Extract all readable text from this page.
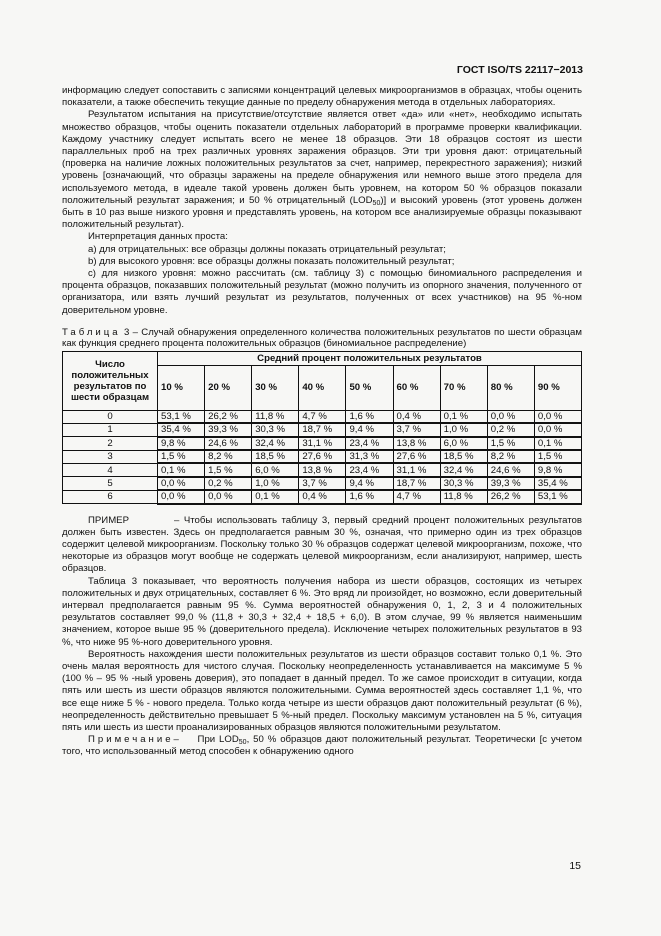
ГОСТ ISO/TS 22117−2013

информацию следует сопоставить с записями концентраций целевых микроорганизмов в образцах, чтобы оценить показатели, а также обеспечить текущие данные по пределу обнаружения метода в отдельных лабораториях.

Результатом испытания на присутствие/отсутствие является ответ «да» или «нет», необходимо испытать множество образцов, чтобы оценить показатели отдельных лабораторий в программе проверки квалификации. Каждому участнику следует испытать всего не менее 18 образцов. Эти 18 образцов состоят из шести параллельных проб на трех различных уровнях заражения образцов. Эти три уровня дают: отрицательный (проверка на наличие ложных положительных результатов за счет, например, перекрестного заражения); низкий уровень [означающий, что образцы заражены на пределе обнаружения или немного выше этого предела для используемого метода, в идеале такой уровень должен быть уровнем, на котором 50 % образцов показали положительный результат заражения; и 50 % отрицательный $(LOD_{50})$] и высокий уровень (этот уровень должен быть в 10 раз выше низкого уровня и представлять уровень, на котором все анализируемые образцы показывают положительный результат).

Интерпретация данных проста:

а) для отрицательных: все образцы должны показать отрицательный результат;

b) для высокого уровня: все образцы должны показать положительный результат;

с) для низкого уровня: можно рассчитать (см. таблицу 3) с помощью биномиального распределения и процента образцов, показавших положительный результат (можно получить из опорного значения, полученного от организатора, или взять лучший результат из результатов, полученных от всех участников) на 95 %-ном доверительном уровне.

Таблица 3 – Случай обнаружения определенного количества положительных результатов по шести образцам как функция среднего процента положительных образцов (биномиальное распределение)

Число положительных результатов по шести образцам	Средний процент положительных результатов								
	10 %	20 %	30 %	40 %	50 %	60 %	70 %	80 %	90 %
0	53,1 %	26,2 %	11,8 %	4,7 %	1,6 %	0,4 %	0,1 %	0,0 %	0,0 %
1	35,4 %	39,3 %	30,3 %	18,7 %	9,4 %	3,7 %	1,0 %	0,2 %	0,0 %
2	9,8 %	24,6 %	32,4 %	31,1 %	23,4 %	13,8 %	6,0 %	1,5 %	0,1 %
3	1,5 %	8,2 %	18,5 %	27,6 %	31,3 %	27,6 %	18,5 %	8,2 %	1,5 %
4	0,1 %	1,5 %	6,0 %	13,8 %	23,4 %	31,1 %	32,4 %	24,6 %	9,8 %
5	0,0 %	0,2 %	1,0 %	3,7 %	9,4 %	18,7 %	30,3 %	39,3 %	35,4 %
6	0,0 %	0,0 %	0,1 %	0,4 %	1,6 %	4,7 %	11,8 %	26,2 %	53,1 %

ПРИМЕР	– Чтобы использовать таблицу 3, первый средний процент положительных результатов должен быть известен. Здесь он предполагается равным 30 %, означая, что примерно один из трех образцов содержит целевой микроорганизм. Поскольку только 30 % образцов содержат целевой микроорганизм, похоже, что некоторые из образцов могут вообще не содержать целевой микроорганизм, если анализируют, например, шесть образцов.

Таблица 3 показывает, что вероятность получения набора из шести образцов, состоящих из четырех положительных и двух отрицательных, составляет 6 %. Это вряд ли произойдет, но возможно, если доверительный интервал предполагается равным 95 %. Сумма вероятностей обнаружения 0, 1, 2, 3 и 4 положительных результатов составляет 99,0 % (11,8 + 30,3 + 32,4 + 18,5 + 6,0). В этом случае, 99 % является наименьшим значением, которое выше 95 % (доверительного предела). Исключение четырех положительных результатов в 93 %, что ниже 95 %-ного доверительного уровня.

Вероятность нахождения шести положительных результатов из шести образцов составит только 0,1 %. Это очень малая вероятность для чистого случая. Поскольку неопределенность устанавливается на максимуме 5 % (100 % – 95 % -ный уровень доверия), это попадает в данный предел. То же самое происходит в ситуации, когда пять или шесть из шести образцов являются положительными. Сумма вероятностей здесь составляет 1,1 %, что все еще ниже 5 % - нового предела. Только когда четыре из шести образцов дают положительный результат (6 %), неопределенность действительно превышает 5 %-ный предел. Поскольку максимум установлен на 5 %, ситуация пять или шесть из шести проанализированных образцов являются положительными результатом.

Примечание– При $LOD_{50}$, 50 % образцов дают положительный результат. Теоретически [с учетом того, что использованный метод способен к обнаружению одного

15
